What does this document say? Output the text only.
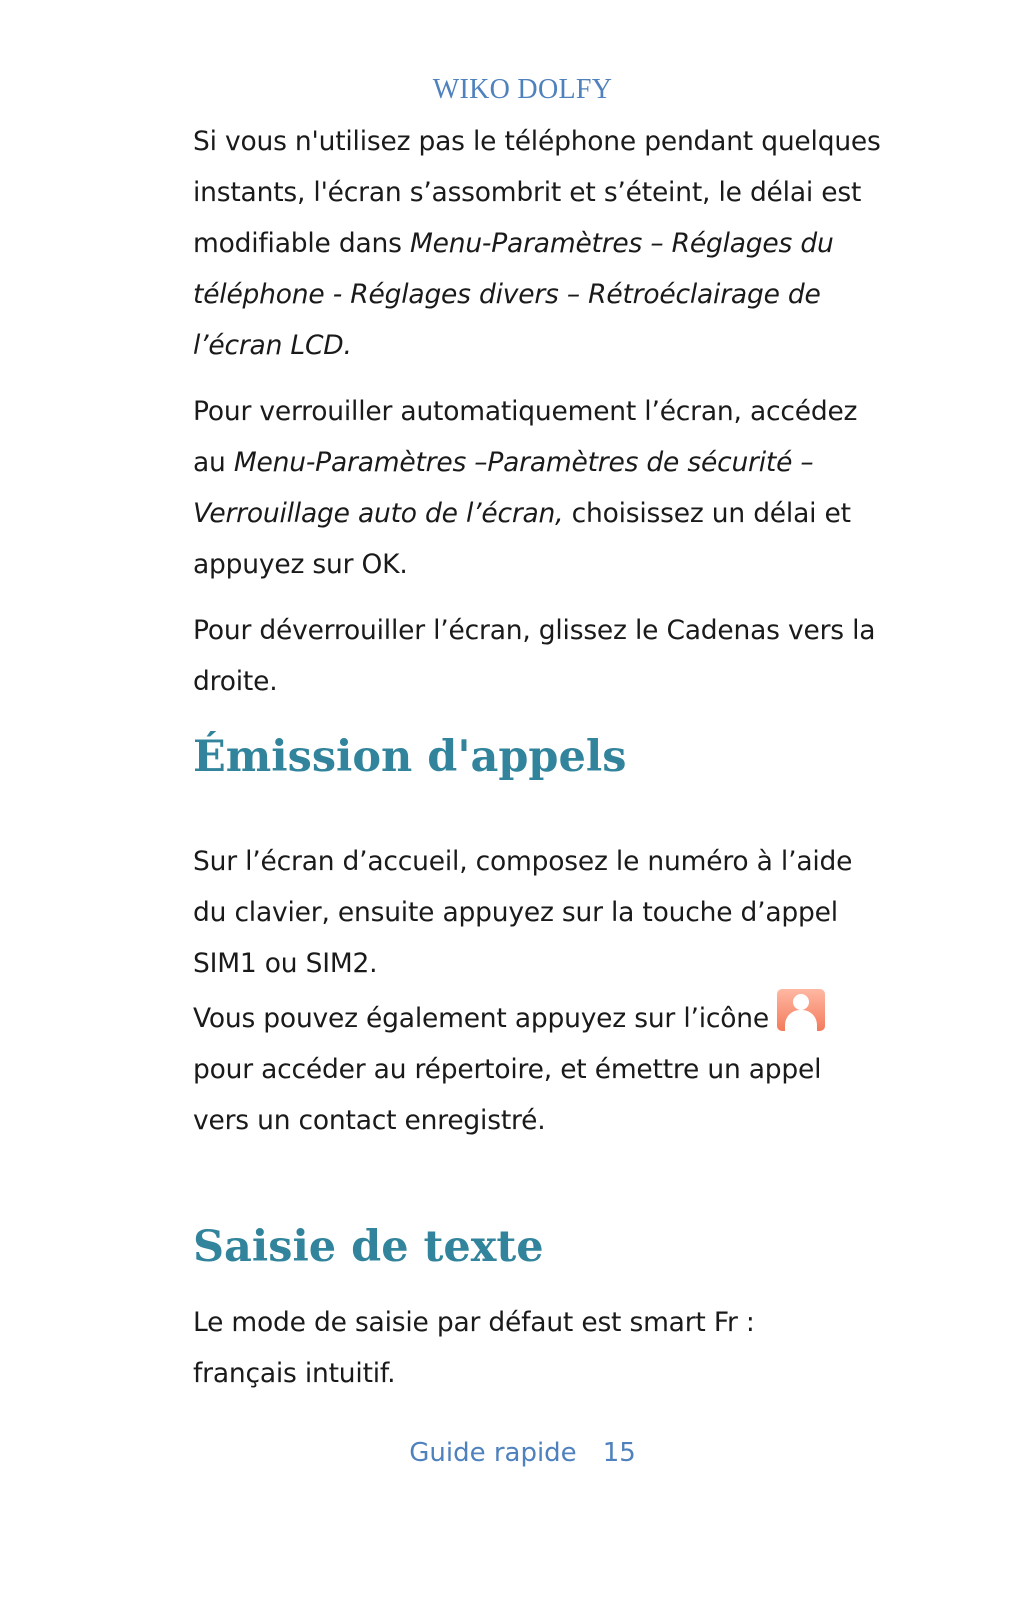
WIKO DOLFY

Si vous n'utilisez pas le téléphone pendant quelques instants, l'écran s’assombrit et s’éteint, le délai est modifiable dans Menu-Paramètres – Réglages du téléphone - Réglages divers – Rétroéclairage de l’écran LCD.

Pour verrouiller automatiquement l’écran, accédez au Menu-Paramètres –Paramètres de sécurité –Verrouillage auto de l’écran, choisissez un délai et appuyez sur OK.

Pour déverrouiller l’écran, glissez le Cadenas vers la droite.

Émission d'appels

Sur l’écran d’accueil, composez le numéro à l’aide du clavier, ensuite appuyez sur la touche d’appel SIM1 ou SIM2.

Vous pouvez également appuyez sur l’icône

pour accéder au répertoire, et émettre un appel vers un contact enregistré.

Saisie de texte

Le mode de saisie par défaut est smart Fr : français intuitif.

Guide rapide 15
